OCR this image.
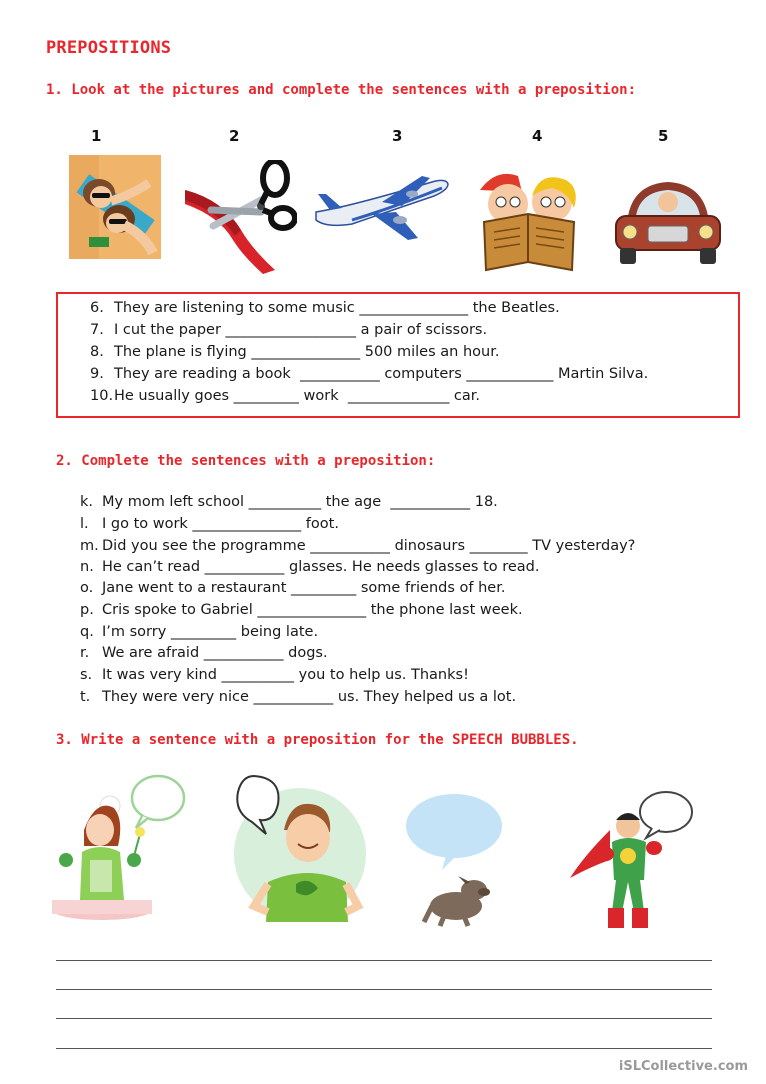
PREPOSITIONS
1. Look at the pictures and complete the sentences with a preposition:
1	2	3	4	5
6. They are listening to some music _______________ the Beatles.
7. I cut the paper __________________ a pair of scissors.
8. The plane is flying _______________ 500 miles an hour.
9. They are reading a book  ___________ computers ____________ Martin Silva.
10.He usually goes _________ work  ______________ car.
2. Complete the sentences with a preposition:
k. My mom left school __________ the age  ___________ 18.
l. I go to work _______________ foot.
m. Did you see the programme ___________ dinosaurs ________ TV yesterday?
n. He can’t read ___________ glasses. He needs glasses to read.
o. Jane went to a restaurant _________ some friends of her.
p. Cris spoke to Gabriel _______________ the phone last week.
q. I’m sorry _________ being late.
r. We are afraid ___________ dogs.
s. It was very kind __________ you to help us. Thanks!
t. They were very nice ___________ us. They helped us a lot.
3. Write a sentence with a preposition for the SPEECH BUBBLES.
iSLCollective.com
